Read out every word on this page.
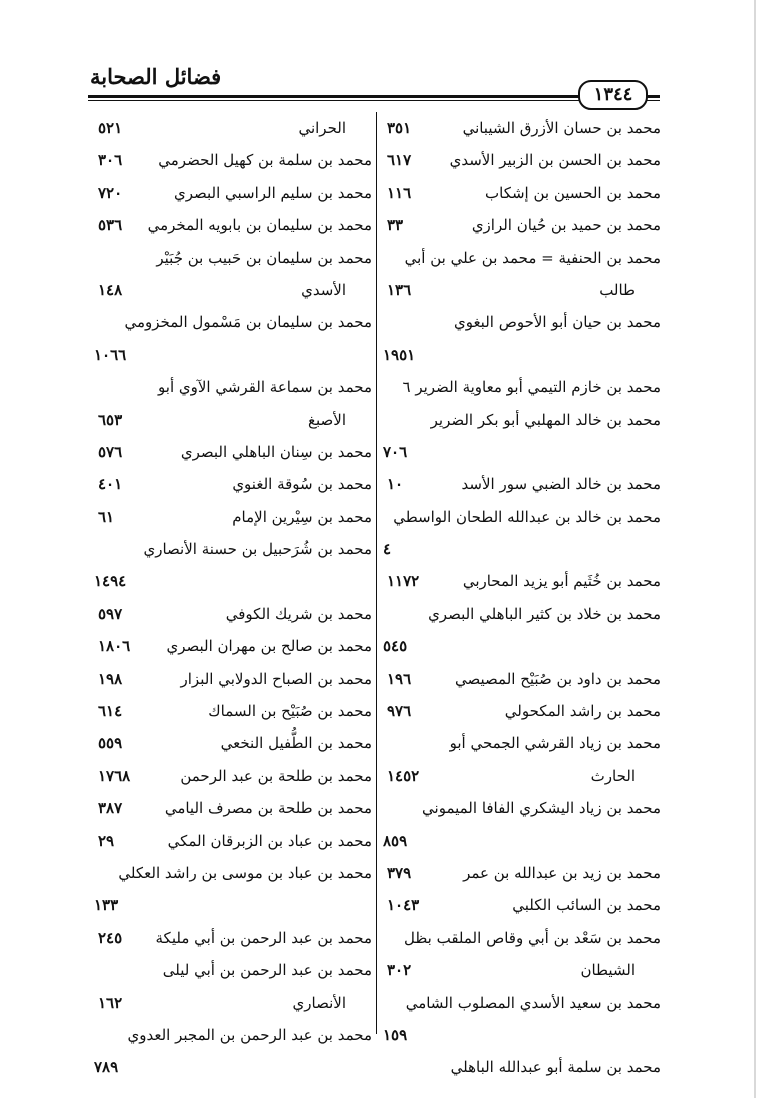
فضائل الصحابة
١٣٤٤
محمد بن حسان الأزرق الشيباني
٣٥١
محمد بن الحسن بن الزبير الأسدي
٦١٧
محمد بن الحسين بن إشكاب
١١٦
محمد بن حميد بن حُيان الرازي
٣٣
محمد بن الحنفية = محمد بن علي بن أبي
طالب
١٣٦
محمد بن حيان أبو الأحوص البغوي
١٩٥١
محمد بن خازم التيمي أبو معاوية الضرير ٦
محمد بن خالد المهلبي أبو بكر الضرير
٧٠٦
محمد بن خالد الضبي سور الأسد
١٠
محمد بن خالد بن عبدالله الطحان الواسطي
٤
محمد بن خُثَيم أبو يزيد المحاربي
١١٧٢
محمد بن خلاد بن كثير الباهلي البصري
٥٤٥
محمد بن داود بن صُبَيْح المصيصي
١٩٦
محمد بن راشد المكحولي
٩٧٦
محمد بن زياد القرشي الجمحي أبو
الحارث
١٤٥٢
محمد بن زياد اليشكري الفافا الميموني
٨٥٩
محمد بن زيد بن عبدالله بن عمر
٣٧٩
محمد بن السائب الكلبي
١٠٤٣
محمد بن سَعْد بن أبي وقاص الملقب بظل
الشيطان
٣٠٢
محمد بن سعيد الأسدي المصلوب الشامي
١٥٩
محمد بن سلمة أبو عبدالله الباهلي
الحراني
٥٢١
محمد بن سلمة بن كهيل الحضرمي
٣٠٦
محمد بن سليم الراسبي البصري
٧٢٠
محمد بن سليمان بن بابويه المخرمي
٥٣٦
محمد بن سليمان بن حَبيب بن جُبَيْر
الأسدي
١٤٨
محمد بن سليمان بن مَسْمول المخزومي
١٠٦٦
محمد بن سماعة القرشي الآوي أبو
الأصبغ
٦٥٣
محمد بن سِنان الباهلي البصري
٥٧٦
محمد بن سُوقة الغنوي
٤٠١
محمد بن سِيْرين الإمام
٦١
محمد بن شُرَحبيل بن حسنة الأنصاري
١٤٩٤
محمد بن شريك الكوفي
٥٩٧
محمد بن صالح بن مهران البصري
١٨٠٦
محمد بن الصباح الدولابي البزار
١٩٨
محمد بن صُبَيْح بن السماك
٦١٤
محمد بن الطُّفيل النخعي
٥٥٩
محمد بن طلحة بن عبد الرحمن
١٧٦٨
محمد بن طلحة بن مصرف اليامي
٣٨٧
محمد بن عباد بن الزبرقان المكي
٢٩
محمد بن عباد بن موسى بن راشد العكلي
١٣٣
محمد بن عبد الرحمن بن أبي مليكة
٢٤٥
محمد بن عبد الرحمن بن أبي ليلى
الأنصاري
١٦٢
محمد بن عبد الرحمن بن المجبر العدوي
٧٨٩
